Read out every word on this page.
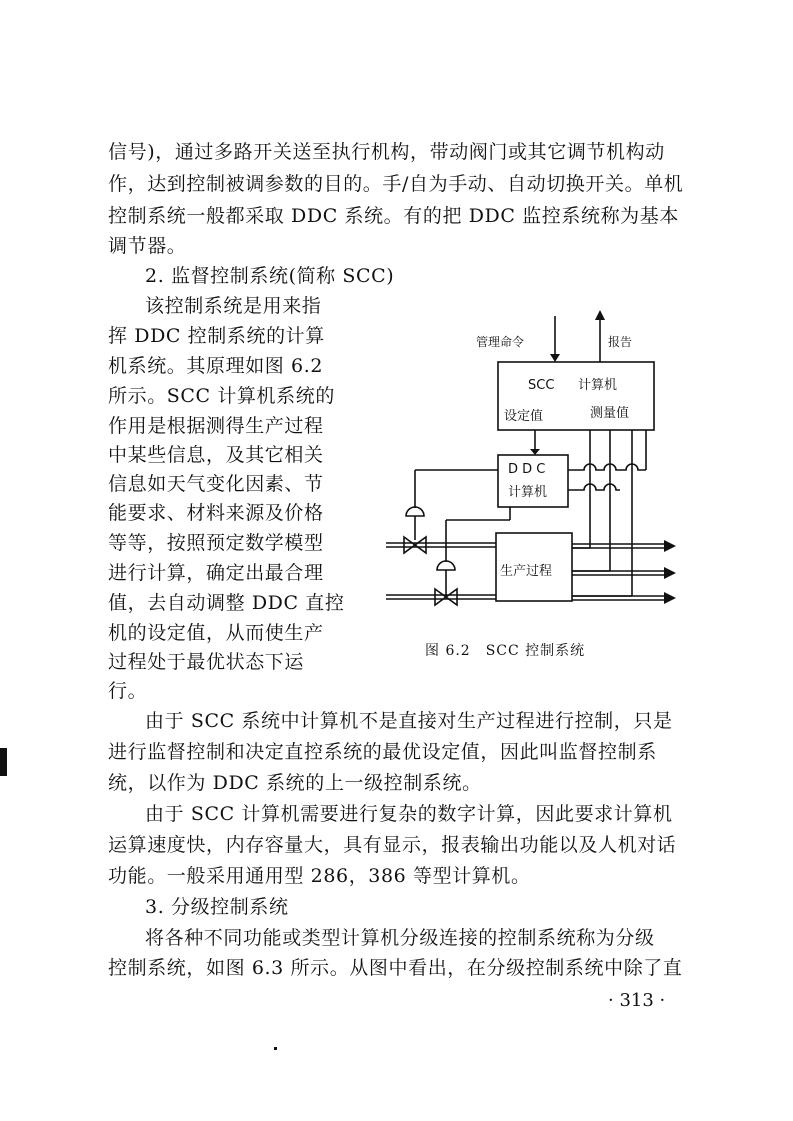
信号)，通过多路开关送至执行机构，带动阀门或其它调节机构动
作，达到控制被调参数的目的。手/自为手动、自动切换开关。单机
控制系统一般都采取 DDC 系统。有的把 DDC 监控系统称为基本
调节器。
2. 监督控制系统(简称 SCC)
该控制系统是用来指
挥 DDC 控制系统的计算
机系统。其原理如图 6.2
所示。SCC 计算机系统的
作用是根据测得生产过程
中某些信息，及其它相关
信息如天气变化因素、节
能要求、材料来源及价格
等等，按照预定数学模型
进行计算，确定出最合理
值，去自动调整 DDC 直控
机的设定值，从而使生产
过程处于最优状态下运
行。
管理命令	报告
SCC 计算机
设定值	测量值
D D C
计算机
生产过程
图 6.2　SCC 控制系统
由于 SCC 系统中计算机不是直接对生产过程进行控制，只是
进行监督控制和决定直控系统的最优设定值，因此叫监督控制系
统，以作为 DDC 系统的上一级控制系统。
由于 SCC 计算机需要进行复杂的数字计算，因此要求计算机
运算速度快，内存容量大，具有显示，报表输出功能以及人机对话
功能。一般采用通用型 286，386 等型计算机。
3. 分级控制系统
将各种不同功能或类型计算机分级连接的控制系统称为分级
控制系统，如图 6.3 所示。从图中看出，在分级控制系统中除了直
· 313 ·
